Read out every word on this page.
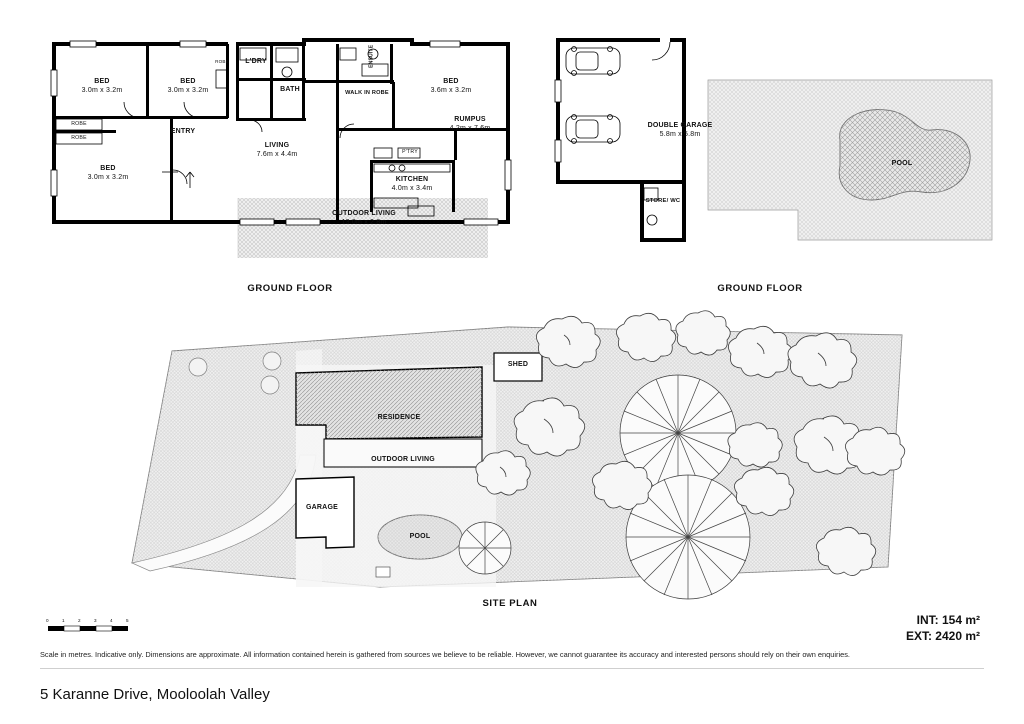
BED
3.0m x 3.2m
BED
3.0m x 3.2m
BED
3.6m x 3.2m
BED
3.0m x 3.2m
LIVING
7.6m x 4.4m
RUMPUS
4.2m x 7.6m
KITCHEN
4.0m x 3.4m
OUTDOOR LIVING
13.0m x 2.8m
L'DRY
BATH
ENSUITE
WALK IN ROBE
ENTRY
ROBE
ROBE
ROBE
P'TRY
GROUND FLOOR
DOUBLE GARAGE
5.8m x 5.8m
STORE/ WC
POOL
GROUND FLOOR
RESIDENCE
OUTDOOR LIVING
GARAGE
SHED
POOL
SITE PLAN
0	1	2	3	4	5	INT: 154 m²
EXT: 2420 m²
Scale in metres. Indicative only. Dimensions are approximate. All information contained herein is gathered from sources we believe to be reliable. However, we cannot guarantee its accuracy and interested persons should rely on their own enquiries.
5 Karanne Drive, Mooloolah Valley
